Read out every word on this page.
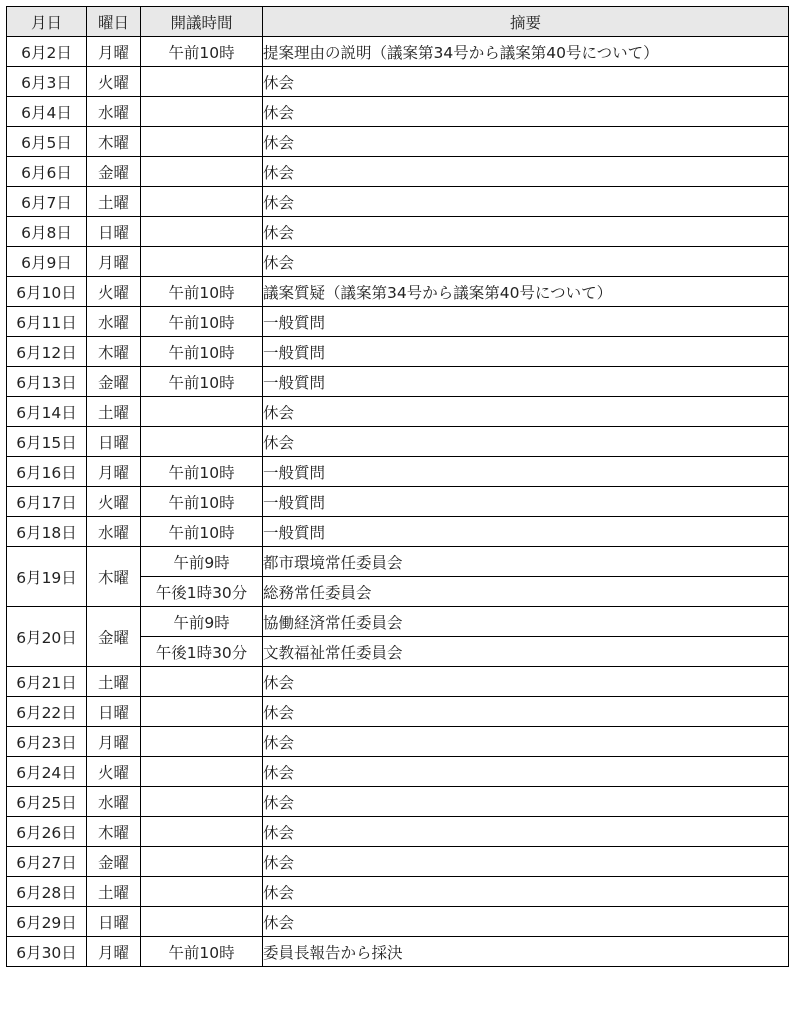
月日	曜日	開議時間	摘要
6月2日	月曜	午前10時	提案理由の説明（議案第34号から議案第40号について）
6月3日	火曜		休会
6月4日	水曜		休会
6月5日	木曜		休会
6月6日	金曜		休会
6月7日	土曜		休会
6月8日	日曜		休会
6月9日	月曜		休会
6月10日	火曜	午前10時	議案質疑（議案第34号から議案第40号について）
6月11日	水曜	午前10時	一般質問
6月12日	木曜	午前10時	一般質問
6月13日	金曜	午前10時	一般質問
6月14日	土曜		休会
6月15日	日曜		休会
6月16日	月曜	午前10時	一般質問
6月17日	火曜	午前10時	一般質問
6月18日	水曜	午前10時	一般質問
6月19日	木曜	午前9時	都市環境常任委員会
		午後1時30分	総務常任委員会
6月20日	金曜	午前9時	協働経済常任委員会
		午後1時30分	文教福祉常任委員会
6月21日	土曜		休会
6月22日	日曜		休会
6月23日	月曜		休会
6月24日	火曜		休会
6月25日	水曜		休会
6月26日	木曜		休会
6月27日	金曜		休会
6月28日	土曜		休会
6月29日	日曜		休会
6月30日	月曜	午前10時	委員長報告から採決
